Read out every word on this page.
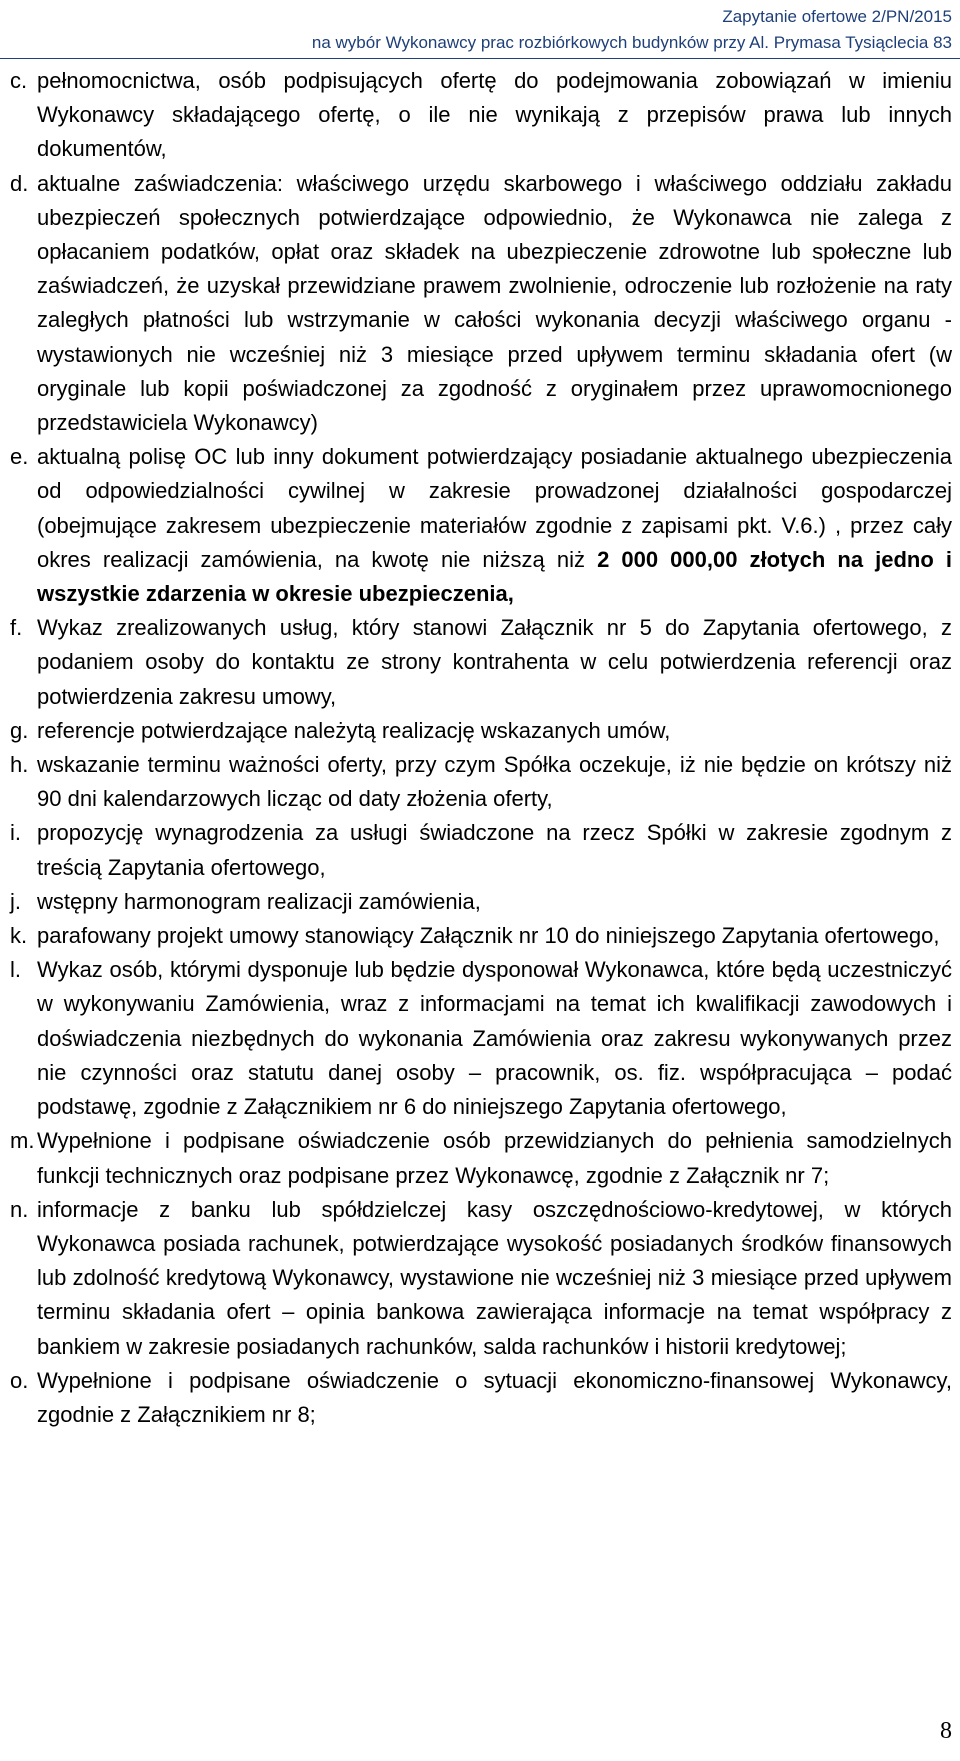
Zapytanie ofertowe 2/PN/2015
na wybór Wykonawcy prac rozbiórkowych budynków przy Al. Prymasa Tysiąclecia 83
c. pełnomocnictwa, osób podpisujących ofertę do podejmowania zobowiązań w imieniu Wykonawcy składającego ofertę, o ile nie wynikają z przepisów prawa lub innych dokumentów,
d. aktualne zaświadczenia: właściwego urzędu skarbowego i właściwego oddziału zakładu ubezpieczeń społecznych potwierdzające odpowiednio, że Wykonawca nie zalega z opłacaniem podatków, opłat oraz składek na ubezpieczenie zdrowotne lub społeczne lub zaświadczeń, że uzyskał przewidziane prawem zwolnienie, odroczenie lub rozłożenie na raty zaległych płatności lub wstrzymanie w całości wykonania decyzji właściwego organu - wystawionych nie wcześniej niż 3 miesiące przed upływem terminu składania ofert (w oryginale lub kopii poświadczonej za zgodność z oryginałem przez uprawomocnionego przedstawiciela Wykonawcy)
e. aktualną polisę OC lub inny dokument potwierdzający posiadanie aktualnego ubezpieczenia od odpowiedzialności cywilnej w zakresie prowadzonej działalności gospodarczej (obejmujące zakresem ubezpieczenie materiałów zgodnie z zapisami pkt. V.6.) , przez cały okres realizacji zamówienia, na kwotę nie niższą niż 2 000 000,00 złotych na jedno i wszystkie zdarzenia w okresie ubezpieczenia,
f. Wykaz zrealizowanych usług, który stanowi Załącznik nr 5 do Zapytania ofertowego, z podaniem osoby do kontaktu ze strony kontrahenta w celu potwierdzenia referencji oraz potwierdzenia zakresu umowy,
g. referencje potwierdzające należytą realizację wskazanych umów,
h. wskazanie terminu ważności oferty, przy czym Spółka oczekuje, iż nie będzie on krótszy niż 90 dni kalendarzowych licząc od daty złożenia oferty,
i. propozycję wynagrodzenia za usługi świadczone na rzecz Spółki w zakresie zgodnym z treścią Zapytania ofertowego,
j. wstępny harmonogram realizacji zamówienia,
k. parafowany projekt umowy stanowiący Załącznik nr 10 do niniejszego Zapytania ofertowego,
l. Wykaz osób, którymi dysponuje lub będzie dysponował Wykonawca, które będą uczestniczyć w wykonywaniu Zamówienia, wraz z informacjami na temat ich kwalifikacji zawodowych i doświadczenia niezbędnych do wykonania Zamówienia oraz zakresu wykonywanych przez nie czynności oraz statutu danej osoby – pracownik, os. fiz. współpracująca – podać podstawę, zgodnie z Załącznikiem nr 6 do niniejszego Zapytania ofertowego,
m. Wypełnione i podpisane oświadczenie osób przewidzianych do pełnienia samodzielnych funkcji technicznych oraz podpisane przez Wykonawcę, zgodnie z Załącznik nr 7;
n. informacje z banku lub spółdzielczej kasy oszczędnościowo-kredytowej, w których Wykonawca posiada rachunek, potwierdzające wysokość posiadanych środków finansowych lub zdolność kredytową Wykonawcy, wystawione nie wcześniej niż 3 miesiące przed upływem terminu składania ofert – opinia bankowa zawierająca informacje na temat współpracy z bankiem w zakresie posiadanych rachunków, salda rachunków i historii kredytowej;
o. Wypełnione i podpisane oświadczenie o sytuacji ekonomiczno-finansowej Wykonawcy, zgodnie z Załącznikiem nr 8;
8
